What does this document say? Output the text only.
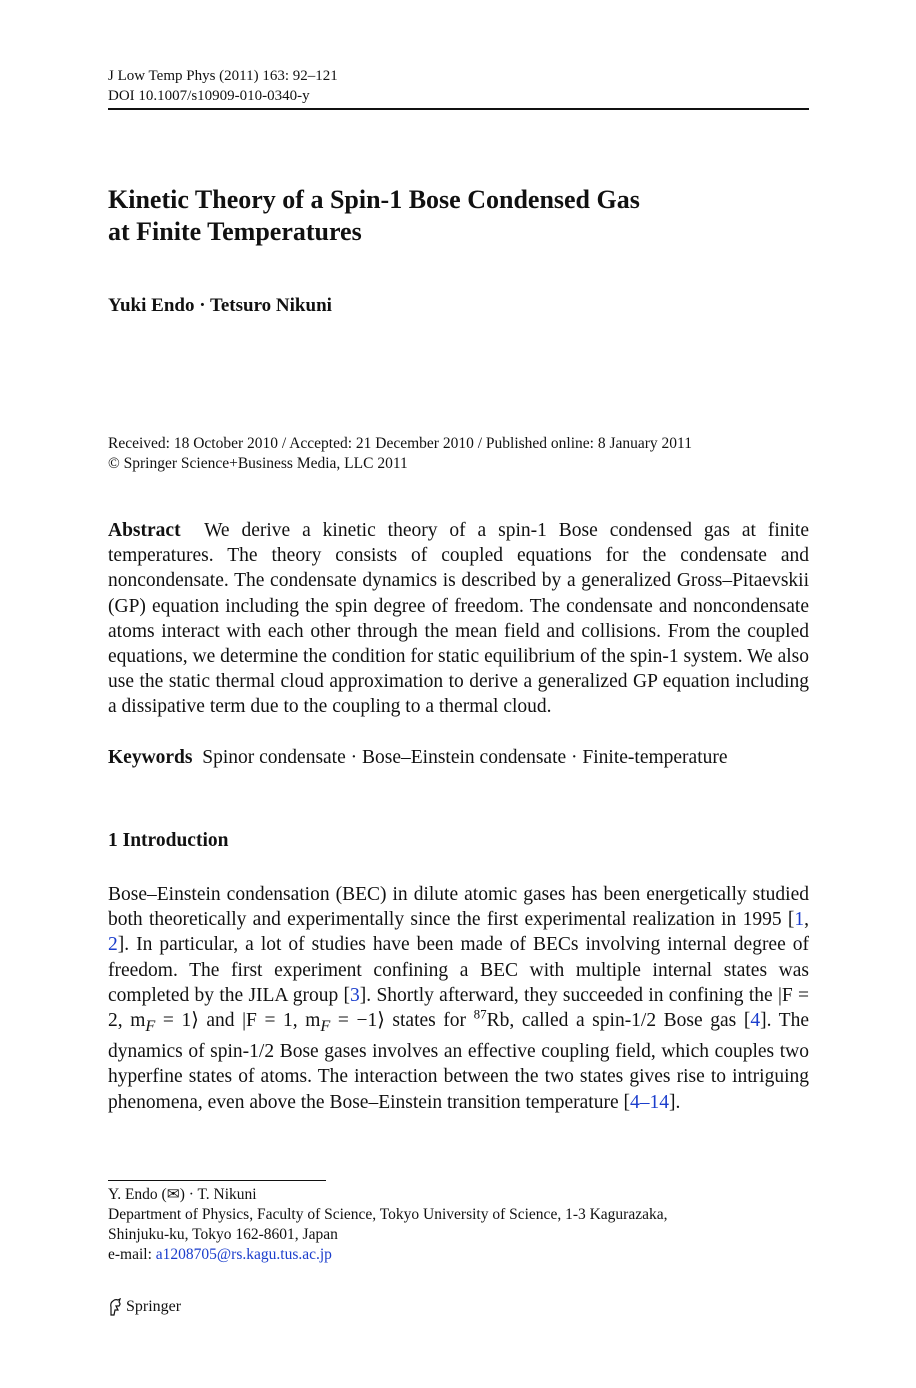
J Low Temp Phys (2011) 163: 92–121
DOI 10.1007/s10909-010-0340-y
Kinetic Theory of a Spin-1 Bose Condensed Gas
at Finite Temperatures
Yuki Endo · Tetsuro Nikuni
Received: 18 October 2010 / Accepted: 21 December 2010 / Published online: 8 January 2011
© Springer Science+Business Media, LLC 2011
Abstract We derive a kinetic theory of a spin-1 Bose condensed gas at finite temperatures. The theory consists of coupled equations for the condensate and noncondensate. The condensate dynamics is described by a generalized Gross–Pitaevskii (GP) equation including the spin degree of freedom. The condensate and noncondensate atoms interact with each other through the mean field and collisions. From the coupled equations, we determine the condition for static equilibrium of the spin-1 system. We also use the static thermal cloud approximation to derive a generalized GP equation including a dissipative term due to the coupling to a thermal cloud.
Keywords Spinor condensate · Bose–Einstein condensate · Finite-temperature
1 Introduction
Bose–Einstein condensation (BEC) in dilute atomic gases has been energetically studied both theoretically and experimentally since the first experimental realization in 1995 [1, 2]. In particular, a lot of studies have been made of BECs involving internal degree of freedom. The first experiment confining a BEC with multiple internal states was completed by the JILA group [3]. Shortly afterward, they succeeded in confining the |F = 2, $m_F$ = 1⟩ and |F = 1, $m_F$ = −1⟩ states for $^{87}$Rb, called a spin-1/2 Bose gas [4]. The dynamics of spin-1/2 Bose gases involves an effective coupling field, which couples two hyperfine states of atoms. The interaction between the two states gives rise to intriguing phenomena, even above the Bose–Einstein transition temperature [4–14].
Y. Endo (✉) · T. Nikuni
Department of Physics, Faculty of Science, Tokyo University of Science, 1-3 Kagurazaka,
Shinjuku-ku, Tokyo 162-8601, Japan
e-mail: a1208705@rs.kagu.tus.ac.jp
Springer
